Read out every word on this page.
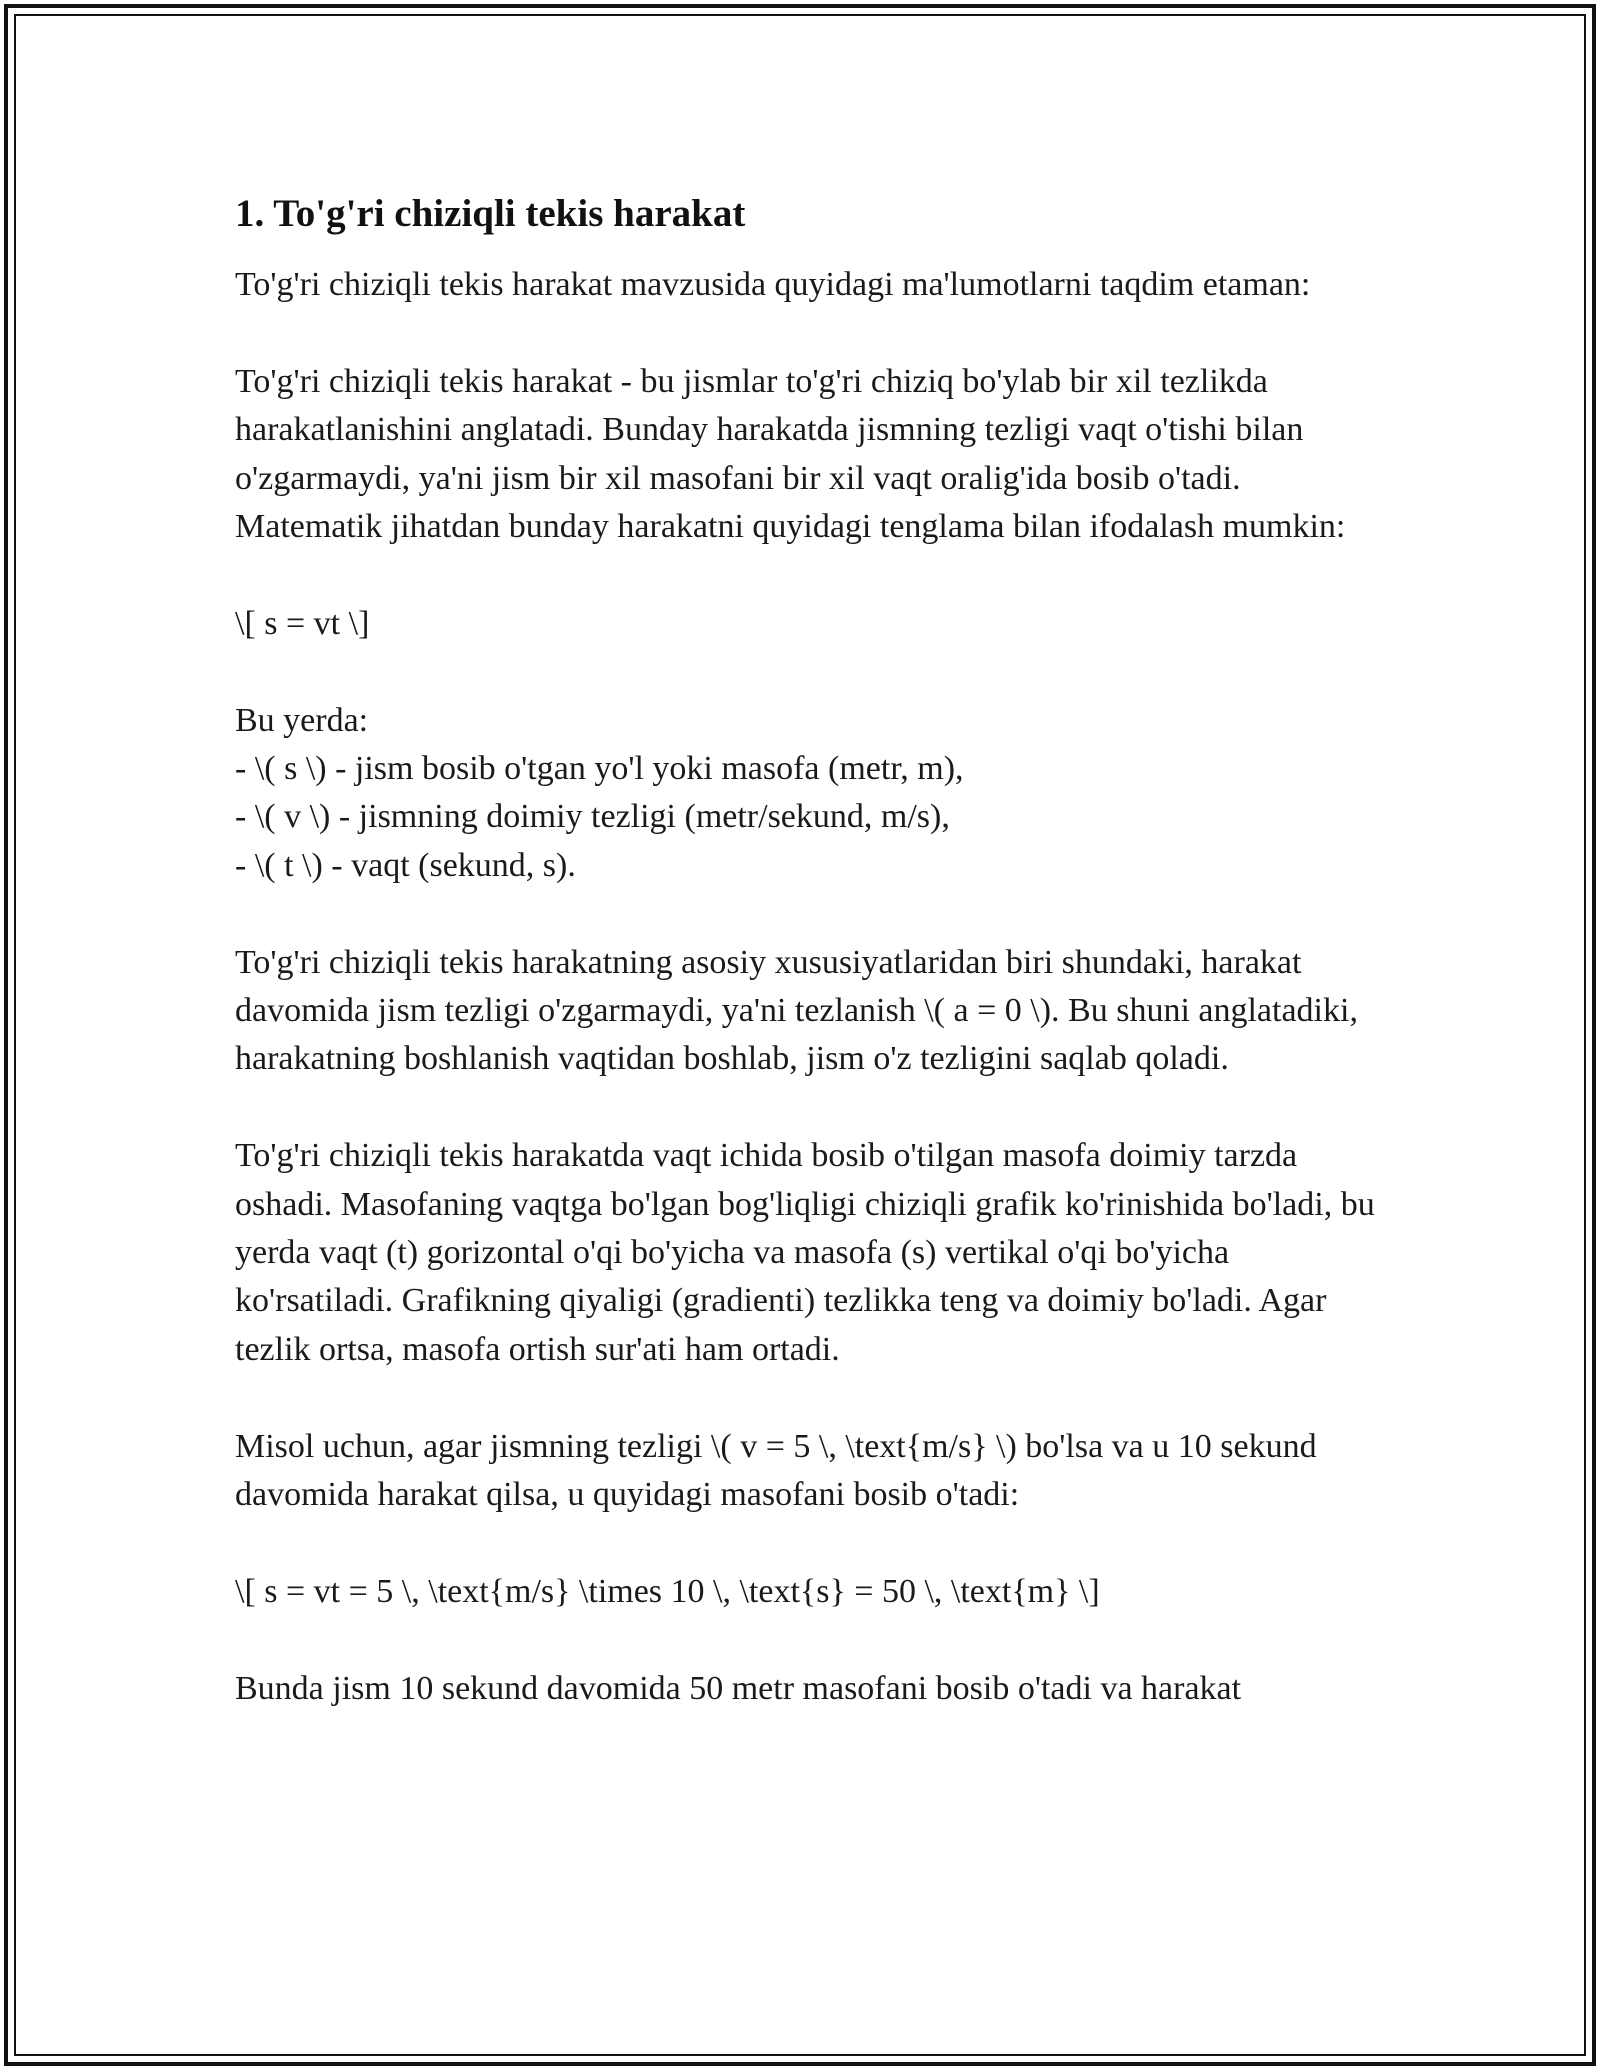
1. To'g'ri chiziqli tekis harakat

To'g'ri chiziqli tekis harakat mavzusida quyidagi ma'lumotlarni taqdim etaman:

To'g'ri chiziqli tekis harakat - bu jismlar to'g'ri chiziq bo'ylab bir xil tezlikda harakatlanishini anglatadi. Bunday harakatda jismning tezligi vaqt o'tishi bilan o'zgarmaydi, ya'ni jism bir xil masofani bir xil vaqt oralig'ida bosib o'tadi. Matematik jihatdan bunday harakatni quyidagi tenglama bilan ifodalash mumkin:

\[ s = vt \]

Bu yerda:
- \( s \) - jism bosib o'tgan yo'l yoki masofa (metr, m),
- \( v \) - jismning doimiy tezligi (metr/sekund, m/s),
- \( t \) - vaqt (sekund, s).

To'g'ri chiziqli tekis harakatning asosiy xususiyatlaridan biri shundaki, harakat davomida jism tezligi o'zgarmaydi, ya'ni tezlanish \( a = 0 \). Bu shuni anglatadiki, harakatning boshlanish vaqtidan boshlab, jism o'z tezligini saqlab qoladi.

To'g'ri chiziqli tekis harakatda vaqt ichida bosib o'tilgan masofa doimiy tarzda oshadi. Masofaning vaqtga bo'lgan bog'liqligi chiziqli grafik ko'rinishida bo'ladi, bu yerda vaqt (t) gorizontal o'qi bo'yicha va masofa (s) vertikal o'qi bo'yicha ko'rsatiladi. Grafikning qiyaligi (gradienti) tezlikka teng va doimiy bo'ladi. Agar tezlik ortsa, masofa ortish sur'ati ham ortadi.

Misol uchun, agar jismning tezligi \( v = 5 \, \text{m/s} \) bo'lsa va u 10 sekund davomida harakat qilsa, u quyidagi masofani bosib o'tadi:

\[ s = vt = 5 \, \text{m/s} \times 10 \, \text{s} = 50 \, \text{m} \]

Bunda jism 10 sekund davomida 50 metr masofani bosib o'tadi va harakat
